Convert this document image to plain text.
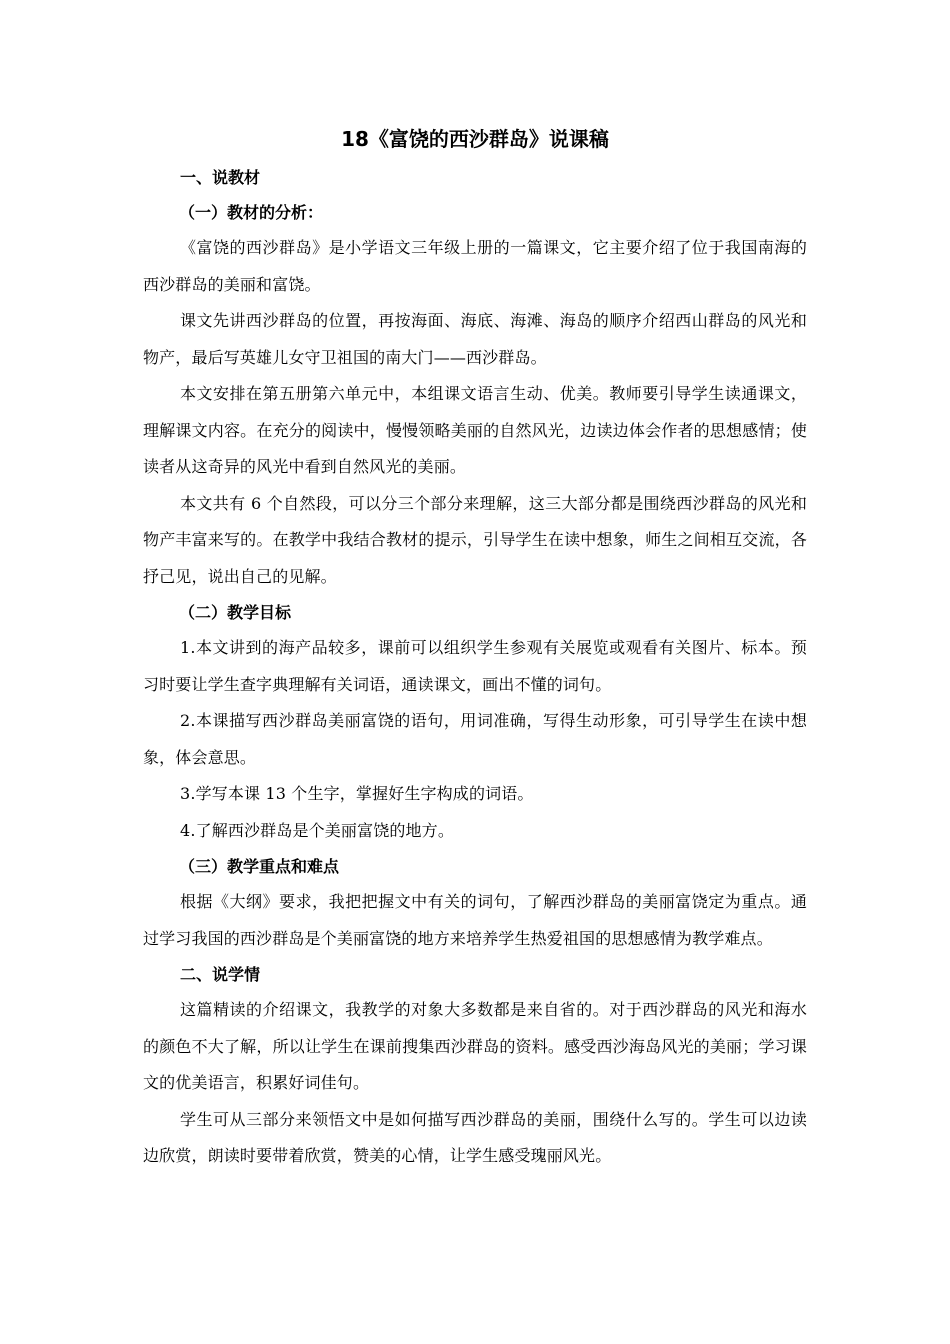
18《富饶的西沙群岛》说课稿
一、说教材
（一）教材的分析：

《富饶的西沙群岛》是小学语文三年级上册的一篇课文，它主要介绍了位于我国南海的西沙群岛的美丽和富饶。

课文先讲西沙群岛的位置，再按海面、海底、海滩、海岛的顺序介绍西山群岛的风光和物产，最后写英雄儿女守卫祖国的南大门——西沙群岛。

本文安排在第五册第六单元中，本组课文语言生动、优美。教师要引导学生读通课文，理解课文内容。在充分的阅读中，慢慢领略美丽的自然风光，边读边体会作者的思想感情；使读者从这奇异的风光中看到自然风光的美丽。

本文共有 6 个自然段，可以分三个部分来理解，这三大部分都是围绕西沙群岛的风光和物产丰富来写的。在教学中我结合教材的提示，引导学生在读中想象，师生之间相互交流，各抒己见，说出自己的见解。

（二）教学目标

1.本文讲到的海产品较多，课前可以组织学生参观有关展览或观看有关图片、标本。预习时要让学生查字典理解有关词语，通读课文，画出不懂的词句。

2.本课描写西沙群岛美丽富饶的语句，用词准确，写得生动形象，可引导学生在读中想象，体会意思。

3.学写本课 13 个生字，掌握好生字构成的词语。

4.了解西沙群岛是个美丽富饶的地方。

（三）教学重点和难点

根据《大纲》要求，我把把握文中有关的词句，了解西沙群岛的美丽富饶定为重点。通过学习我国的西沙群岛是个美丽富饶的地方来培养学生热爱祖国的思想感情为教学难点。

二、说学情

这篇精读的介绍课文，我教学的对象大多数都是来自省的。对于西沙群岛的风光和海水的颜色不大了解，所以让学生在课前搜集西沙群岛的资料。感受西沙海岛风光的美丽；学习课文的优美语言，积累好词佳句。

学生可从三部分来领悟文中是如何描写西沙群岛的美丽，围绕什么写的。学生可以边读边欣赏，朗读时要带着欣赏，赞美的心情，让学生感受瑰丽风光。
